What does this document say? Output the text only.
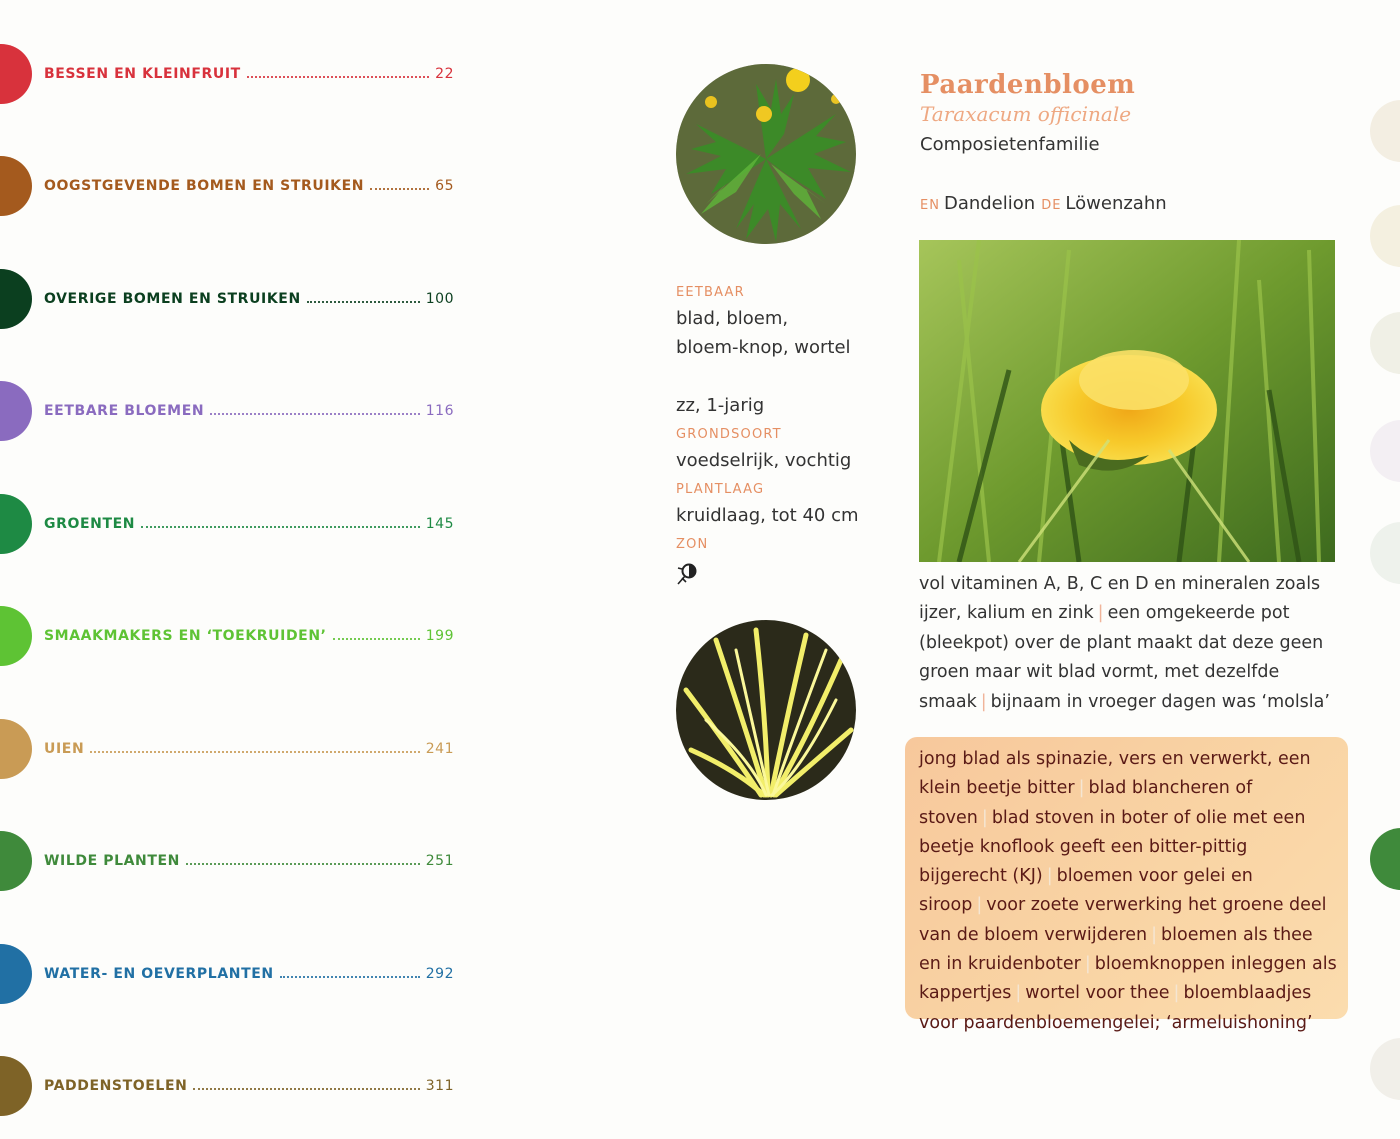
BESSEN EN KLEINFRUIT	22
OOGSTGEVENDE BOMEN EN STRUIKEN	65
OVERIGE BOMEN EN STRUIKEN	100
EETBARE BLOEMEN	116
GROENTEN	145
SMAAKMAKERS EN ‘TOEKRUIDEN’	199
UIEN	241
WILDE PLANTEN	251
WATER- EN OEVERPLANTEN	292
PADDENSTOELEN	311

EETBAAR

blad, bloem, bloem-knop, wortel

zz, 1-jarig

GRONDSOORT

voedselrijk, vochtig

PLANTLAAG

kruidlaag, tot 40 cm

ZON

Paardenbloem

Taraxacum officinale

Composietenfamilie

EN Dandelion DE Löwenzahn

vol vitaminen A, B, C en D en mineralen zoals ijzer, kalium en zink | een omgekeerde pot (bleekpot) over de plant maakt dat deze geen groen maar wit blad vormt, met dezelfde smaak | bijnaam in vroeger dagen was ‘molsla’

jong blad als spinazie, vers en verwerkt, een klein beetje bitter | blad blancheren of stoven | blad stoven in boter of olie met een beetje knoflook geeft een bitter-pittig bijgerecht (KJ) | bloemen voor gelei en siroop | voor zoete verwerking het groene deel van de bloem verwijderen | bloemen als thee en in kruidenboter | bloemknoppen inleggen als kappertjes | wortel voor thee | bloemblaadjes voor paardenbloemengelei; ‘armeluishoning’
